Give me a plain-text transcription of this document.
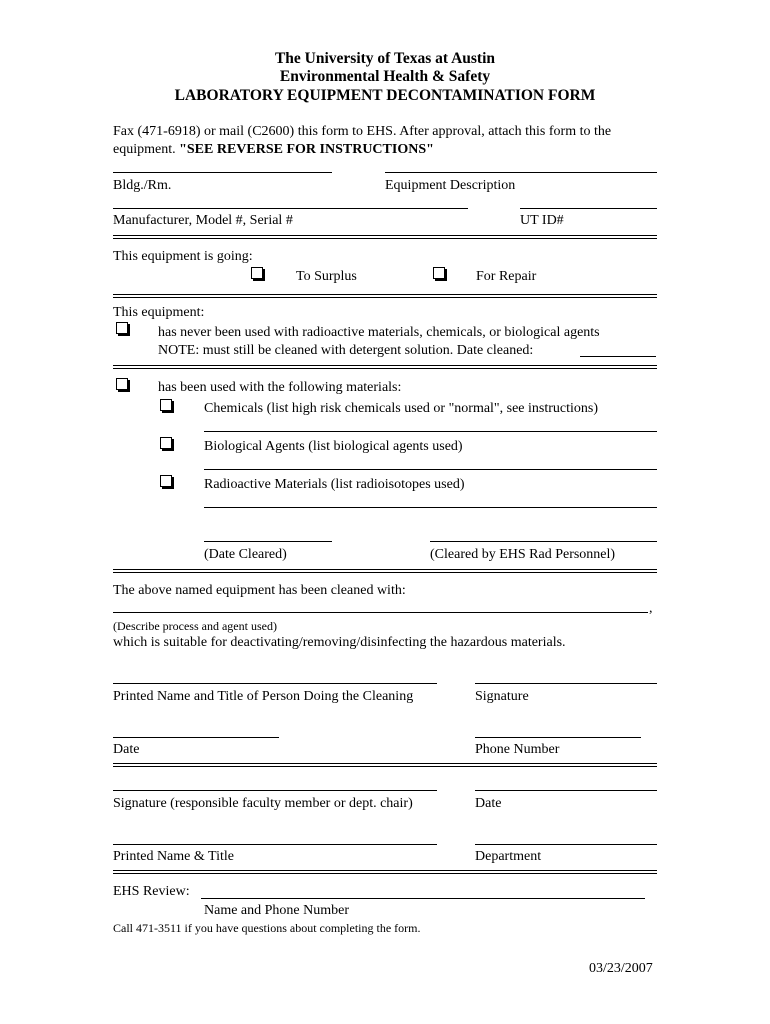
The University of Texas at Austin
Environmental Health & Safety
LABORATORY EQUIPMENT DECONTAMINATION FORM
Fax (471-6918) or mail (C2600) this form to EHS. After approval, attach this form to the
equipment. "SEE REVERSE FOR INSTRUCTIONS"
Bldg./Rm.	Equipment Description
Manufacturer, Model #, Serial #	UT ID#
This equipment is going:
To Surplus	For Repair
This equipment:
has never been used with radioactive materials, chemicals, or biological agents
NOTE: must still be cleaned with detergent solution. Date cleaned:
has been used with the following materials:
Chemicals (list high risk chemicals used or "normal", see instructions)
Biological Agents (list biological agents used)
Radioactive Materials (list radioisotopes used)
(Date Cleared)	(Cleared by EHS Rad Personnel)
The above named equipment has been cleaned with:
,
(Describe process and agent used)
which is suitable for deactivating/removing/disinfecting the hazardous materials.
Printed Name and Title of Person Doing the Cleaning	Signature
Date	Phone Number
Signature (responsible faculty member or dept. chair)	Date
Printed Name & Title	Department
EHS Review:
Name and Phone Number
Call 471-3511 if you have questions about completing the form.
03/23/2007
